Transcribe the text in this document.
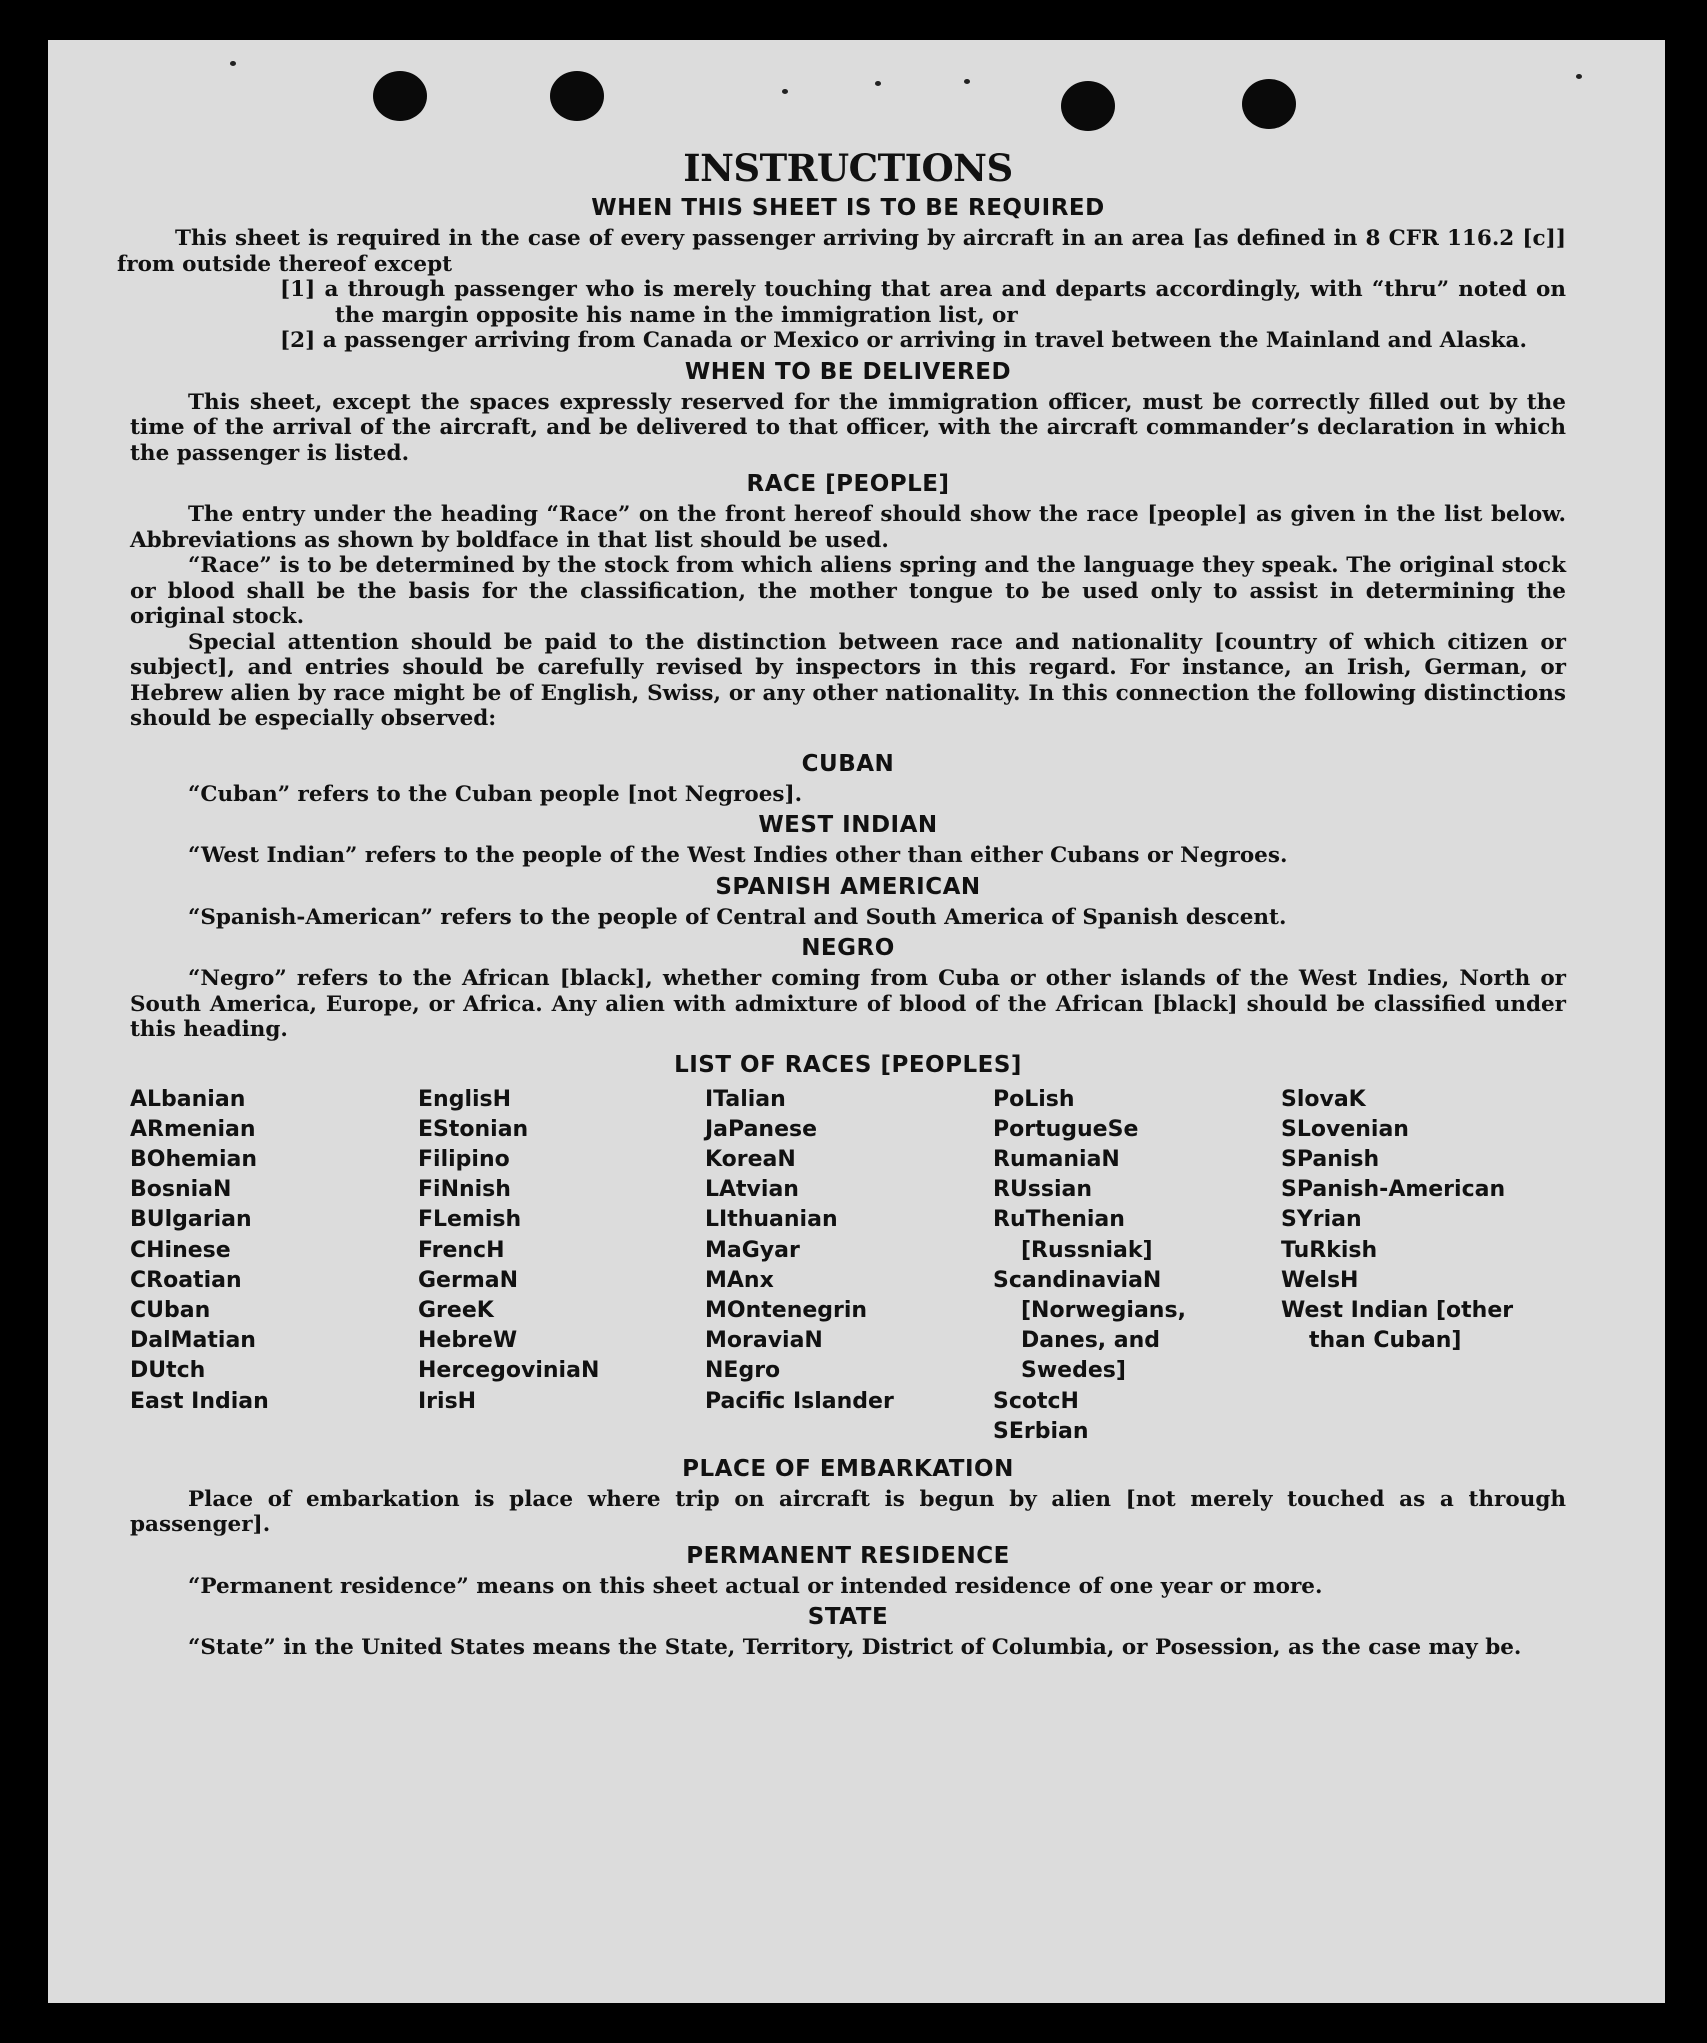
INSTRUCTIONS
WHEN THIS SHEET IS TO BE REQUIRED

This sheet is required in the case of every passenger arriving by aircraft in an area [as defined in 8 CFR 116.2 [c]] from outside thereof except

[1] a through passenger who is merely touching that area and departs accordingly, with “thru” noted on the margin opposite his name in the immigration list, or

[2] a passenger arriving from Canada or Mexico or arriving in travel between the Mainland and Alaska.

WHEN TO BE DELIVERED

This sheet, except the spaces expressly reserved for the immigration officer, must be correctly filled out by the time of the arrival of the aircraft, and be delivered to that officer, with the aircraft commander’s declaration in which the passenger is listed.

RACE [PEOPLE]

The entry under the heading “Race” on the front hereof should show the race [people] as given in the list below. Abbreviations as shown by boldface in that list should be used.

“Race” is to be determined by the stock from which aliens spring and the language they speak. The original stock or blood shall be the basis for the classification, the mother tongue to be used only to assist in determining the original stock.

Special attention should be paid to the distinction between race and nationality [country of which citizen or subject], and entries should be carefully revised by inspectors in this regard. For instance, an Irish, German, or Hebrew alien by race might be of English, Swiss, or any other nationality. In this connection the following distinctions should be especially observed:

CUBAN

“Cuban” refers to the Cuban people [not Negroes].

WEST INDIAN

“West Indian” refers to the people of the West Indies other than either Cubans or Negroes.

SPANISH AMERICAN

“Spanish-American” refers to the people of Central and South America of Spanish descent.

NEGRO

“Negro” refers to the African [black], whether coming from Cuba or other islands of the West Indies, North or South America, Europe, or Africa. Any alien with admixture of blood of the African [black] should be classified under this heading.

LIST OF RACES [PEOPLES]
ALbanian
ARmenian
BOhemian
BosniaN
BUlgarian
CHinese
CRoatian
CUban
DalMatian
DUtch
East Indian
EnglisH
EStonian
Filipino
FiNnish
FLemish
FrencH
GermaN
GreeK
HebreW
HercegoviniaN
IrisH
ITalian
JaPanese
KoreaN
LAtvian
LIthuanian
MaGyar
MAnx
MOntenegrin
MoraviaN
NEgro
Pacific Islander
PoLish
PortugueSe
RumaniaN
RUssian
RuThenian [Russniak]
ScandinaviaN [Norwegians, Danes, and Swedes]
ScotcH
SErbian
SlovaK
SLovenian
SPanish
SPanish-American
SYrian
TuRkish
WelsH
West Indian [other than Cuban]
PLACE OF EMBARKATION

Place of embarkation is place where trip on aircraft is begun by alien [not merely touched as a through passenger].

PERMANENT RESIDENCE

“Permanent residence” means on this sheet actual or intended residence of one year or more.

STATE

“State” in the United States means the State, Territory, District of Columbia, or Posession, as the case may be.
